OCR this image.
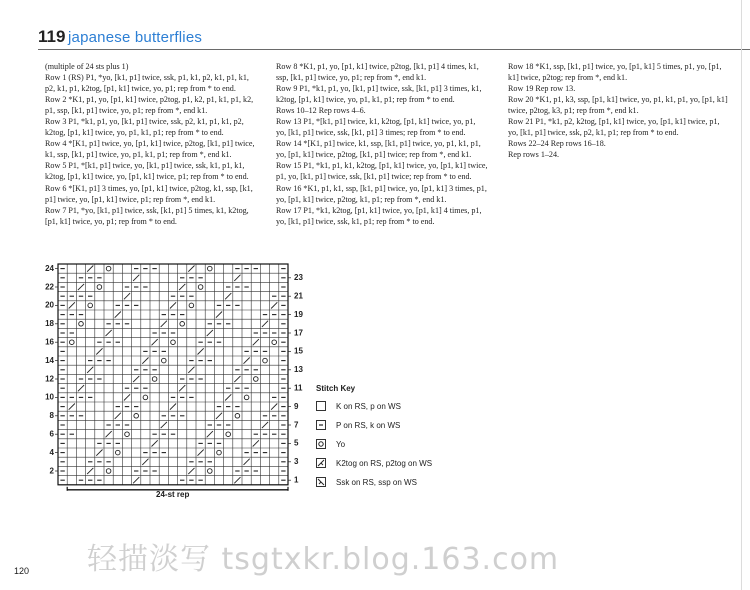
119 japanese butterflies
(multiple of 24 sts plus 1)
Row 1 (RS) P1, *yo, [k1, p1] twice, ssk, p1, k1, p2, k1, p1, k1,
p2, k1, p1, k2tog, [p1, k1] twice, yo, p1; rep from * to end.
Row 2 *K1, p1, yo, [p1, k1] twice, p2tog, p1, k2, p1, k1, p1, k2,
p1, ssp, [k1, p1] twice, yo, p1; rep from *, end k1.
Row 3 P1, *k1, p1, yo, [k1, p1] twice, ssk, p2, k1, p1, k1, p2,
k2tog, [p1, k1] twice, yo, p1, k1, p1; rep from * to end.
Row 4 *[K1, p1] twice, yo, [p1, k1] twice, p2tog, [k1, p1] twice,
k1, ssp, [k1, p1] twice, yo, p1, k1, p1; rep from *, end k1.
Row 5 P1, *[k1, p1] twice, yo, [k1, p1] twice, ssk, k1, p1, k1,
k2tog, [p1, k1] twice, yo, [p1, k1] twice, p1; rep from * to end.
Row 6 *[K1, p1] 3 times, yo, [p1, k1] twice, p2tog, k1, ssp, [k1,
p1] twice, yo, [p1, k1] twice, p1; rep from *, end k1.
Row 7 P1, *yo, [k1, p1] twice, ssk, [k1, p1] 5 times, k1, k2tog,
[p1, k1] twice, yo, p1; rep from * to end.
Row 8 *K1, p1, yo, [p1, k1] twice, p2tog, [k1, p1] 4 times, k1,
ssp, [k1, p1] twice, yo, p1; rep from *, end k1.
Row 9 P1, *k1, p1, yo, [k1, p1] twice, ssk, [k1, p1] 3 times, k1,
k2tog, [p1, k1] twice, yo, p1, k1, p1; rep from * to end.
Rows 10–12 Rep rows 4–6.
Row 13 P1, *[k1, p1] twice, k1, k2tog, [p1, k1] twice, yo, p1,
yo, [k1, p1] twice, ssk, [k1, p1] 3 times; rep from * to end.
Row 14 *[K1, p1] twice, k1, ssp, [k1, p1] twice, yo, p1, k1, p1,
yo, [p1, k1] twice, p2tog, [k1, p1] twice; rep from *, end k1.
Row 15 P1, *k1, p1, k1, k2tog, [p1, k1] twice, yo, [p1, k1] twice,
p1, yo, [k1, p1] twice, ssk, [k1, p1] twice; rep from * to end.
Row 16 *K1, p1, k1, ssp, [k1, p1] twice, yo, [p1, k1] 3 times, p1,
yo, [p1, k1] twice, p2tog, k1, p1; rep from *, end k1.
Row 17 P1, *k1, k2tog, [p1, k1] twice, yo, [p1, k1] 4 times, p1,
yo, [k1, p1] twice, ssk, k1, p1; rep from * to end.
Row 18 *K1, ssp, [k1, p1] twice, yo, [p1, k1] 5 times, p1, yo, [p1,
k1] twice, p2tog; rep from *, end k1.
Row 19 Rep row 13.
Row 20 *K1, p1, k3, ssp, [p1, k1] twice, yo, p1, k1, p1, yo, [p1, k1]
twice, p2tog, k3, p1; rep from *, end k1.
Row 21 P1, *k1, p2, k2tog, [p1, k1] twice, yo, [p1, k1] twice, p1,
yo, [k1, p1] twice, ssk, p2, k1, p1; rep from * to end.
Rows 22–24 Rep rows 16–18.
Rep rows 1–24.
24
22
20
18
16
14
12
10
8
6
4
2
23
21
19
17
15
13
11
9
7
5
3
1
24-st rep
Stitch Key
K on RS, p on WS
P on RS, k on WS
Yo
K2tog on RS, p2tog on WS
Ssk on RS, ssp on WS
轻描淡写 tsgtxkr.blog.163.com
120
